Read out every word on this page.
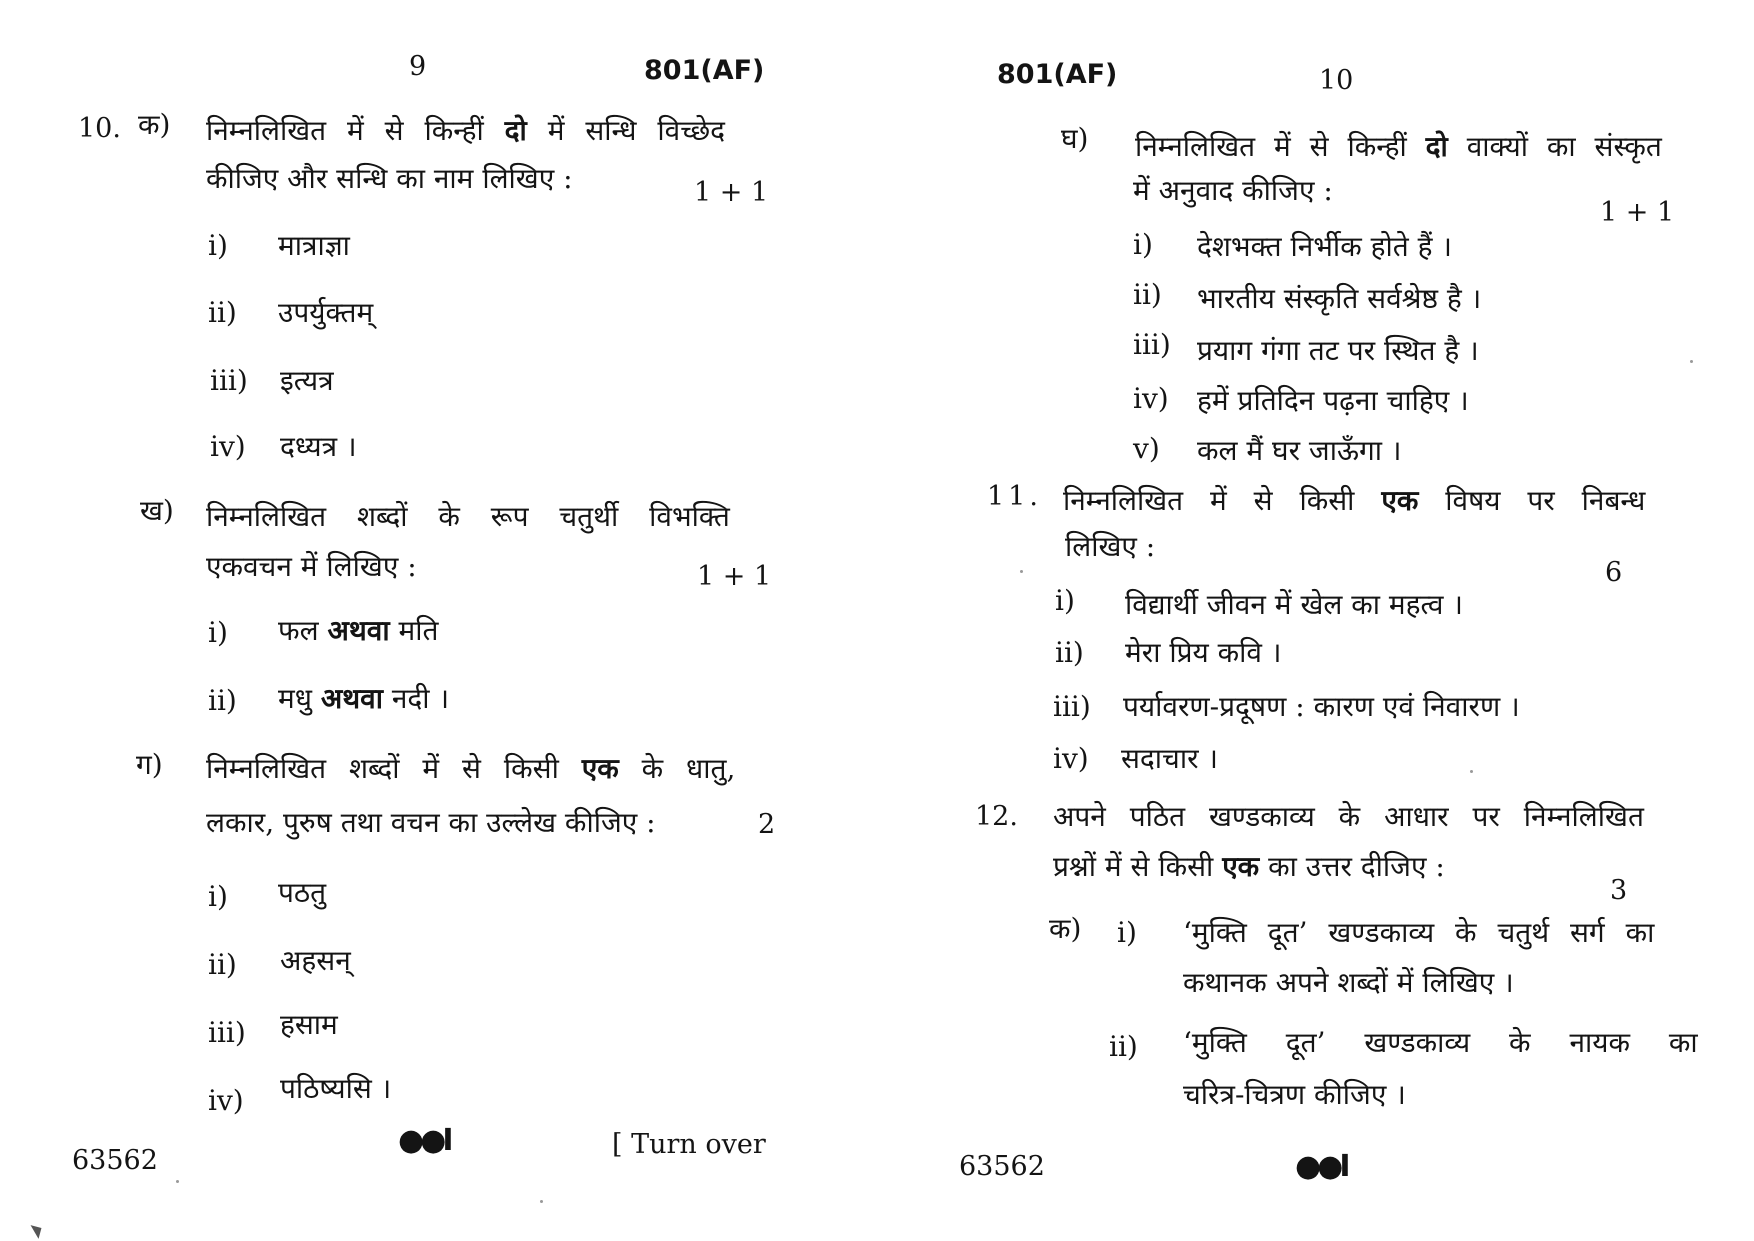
9	801(AF)
10. क) निम्नलिखित में से किन्हीं दो में सन्धि विच्छेद
कीजिए और सन्धि का नाम लिखिए :	1 + 1
i) मात्राज्ञा
ii) उपर्युक्तम्
iii) इत्यत्र
iv) दध्यत्र ।
ख) निम्नलिखित शब्दों के रूप चतुर्थी विभक्ति
एकवचन में लिखिए :	1 + 1
i) फल अथवा मति
ii) मधु अथवा नदी ।
ग) निम्नलिखित शब्दों में से किसी एक के धातु,
लकार, पुरुष तथा वचन का उल्लेख कीजिए :	2
i) पठतु
ii) अहसन्
iii) हसाम
iv) पठिष्यसि ।
63562
●●I	[ Turn over
801(AF)	10
घ) निम्नलिखित में से किन्हीं दो वाक्यों का संस्कृत
में अनुवाद कीजिए :
1 + 1
i) देशभक्त निर्भीक होते हैं ।
ii) भारतीय संस्कृति सर्वश्रेष्ठ है ।
iii) प्रयाग गंगा तट पर स्थित है ।
iv) हमें प्रतिदिन पढ़ना चाहिए ।
v) कल मैं घर जाऊँगा ।
11. निम्नलिखित में से किसी एक विषय पर निबन्ध
लिखिए :
6
i) विद्यार्थी जीवन में खेल का महत्व ।
ii) मेरा प्रिय कवि ।
iii) पर्यावरण-प्रदूषण : कारण एवं निवारण ।
iv) सदाचार ।
12. अपने पठित खण्डकाव्य के आधार पर निम्नलिखित
प्रश्नों में से किसी एक का उत्तर दीजिए :
3
क) i) ‘मुक्ति दूत’ खण्डकाव्य के चतुर्थ सर्ग का
कथानक अपने शब्दों में लिखिए ।
ii) ‘मुक्ति दूत’ खण्डकाव्य के नायक का
चरित्र-चित्रण कीजिए ।
63562	●●I
